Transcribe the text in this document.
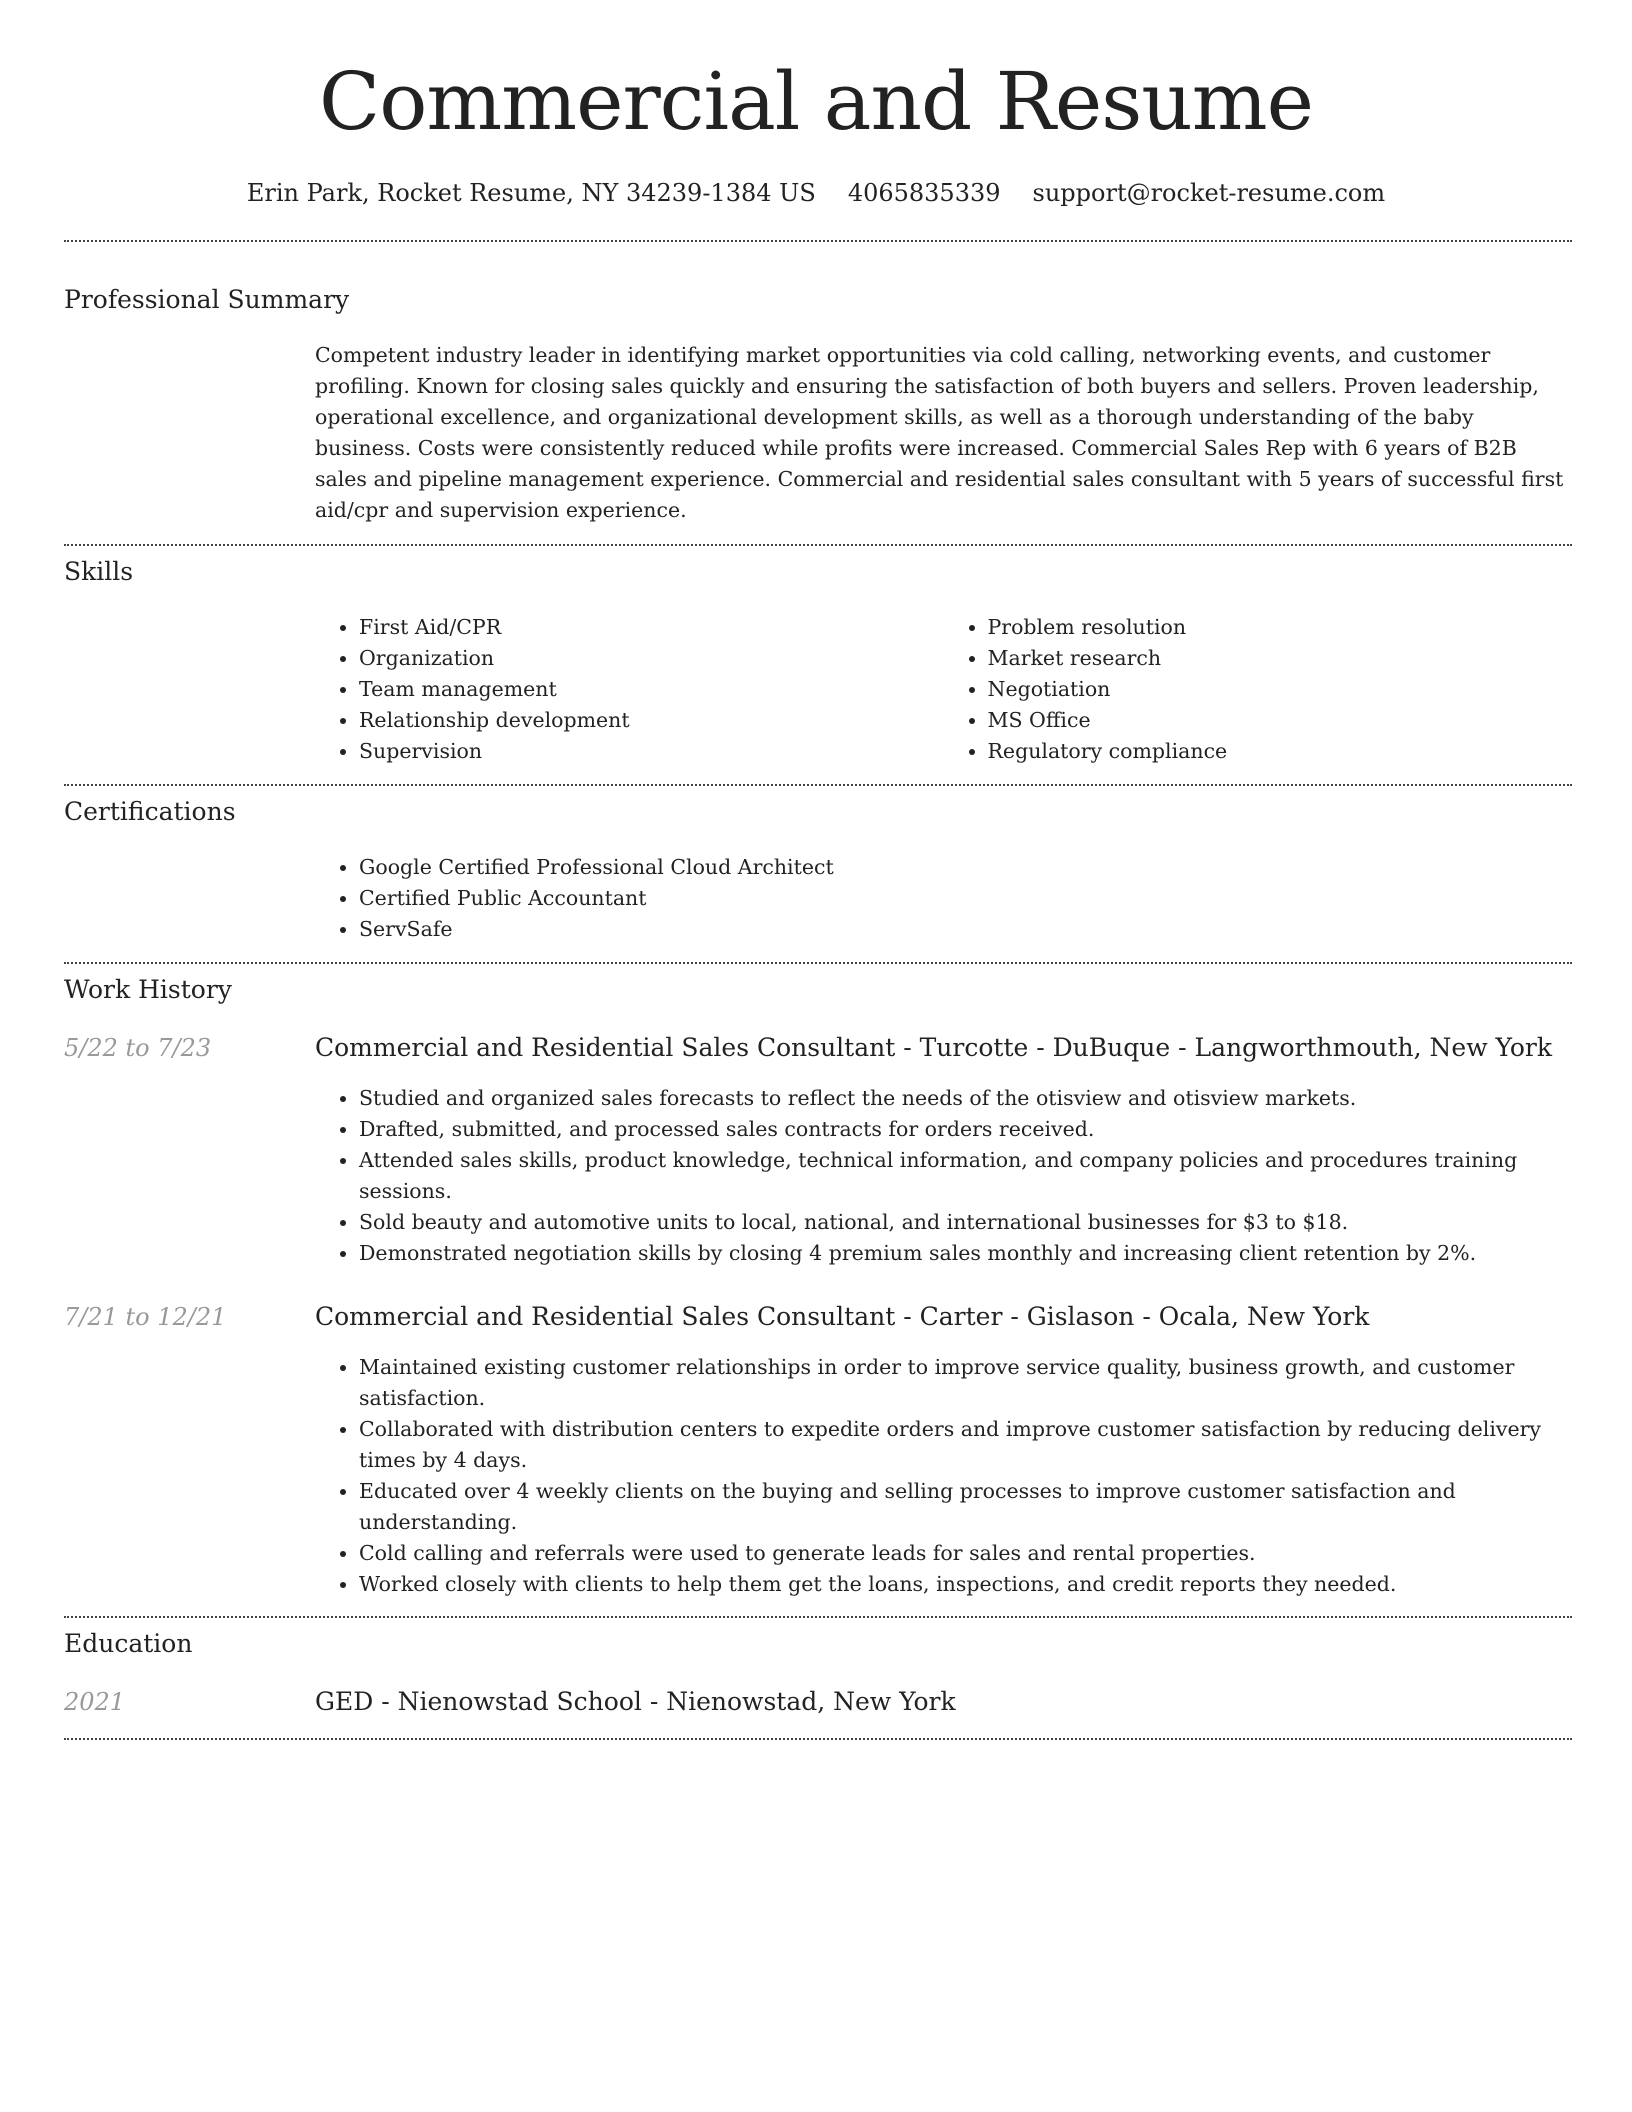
Commercial and Resume
Erin Park, Rocket Resume, NY 34239-1384 US 4065835339 support@rocket-resume.com
Professional Summary

Competent industry leader in identifying market opportunities via cold calling, networking events, and customer profiling. Known for closing sales quickly and ensuring the satisfaction of both buyers and sellers. Proven leadership, operational excellence, and organizational development skills, as well as a thorough understanding of the baby business. Costs were consistently reduced while profits were increased. Commercial Sales Rep with 6 years of B2B sales and pipeline management experience. Commercial and residential sales consultant with 5 years of successful first aid/cpr and supervision experience.

Skills
• First Aid/CPR
• Organization
• Team management
• Relationship development
• Supervision
• Problem resolution
• Market research
• Negotiation
• MS Office
• Regulatory compliance
Certifications
• Google Certified Professional Cloud Architect
• Certified Public Accountant
• ServSafe
Work History
5/22 to 7/23	Commercial and Residential Sales Consultant - Turcotte - DuBuque - Langworthmouth, New York
• Studied and organized sales forecasts to reflect the needs of the otisview and otisview markets.
• Drafted, submitted, and processed sales contracts for orders received.
• Attended sales skills, product knowledge, technical information, and company policies and procedures training sessions.
• Sold beauty and automotive units to local, national, and international businesses for $3 to $18.
• Demonstrated negotiation skills by closing 4 premium sales monthly and increasing client retention by 2%.
7/21 to 12/21	Commercial and Residential Sales Consultant - Carter - Gislason - Ocala, New York
• Maintained existing customer relationships in order to improve service quality, business growth, and customer satisfaction.
• Collaborated with distribution centers to expedite orders and improve customer satisfaction by reducing delivery times by 4 days.
• Educated over 4 weekly clients on the buying and selling processes to improve customer satisfaction and understanding.
• Cold calling and referrals were used to generate leads for sales and rental properties.
• Worked closely with clients to help them get the loans, inspections, and credit reports they needed.
Education
2021	GED - Nienowstad School - Nienowstad, New York
